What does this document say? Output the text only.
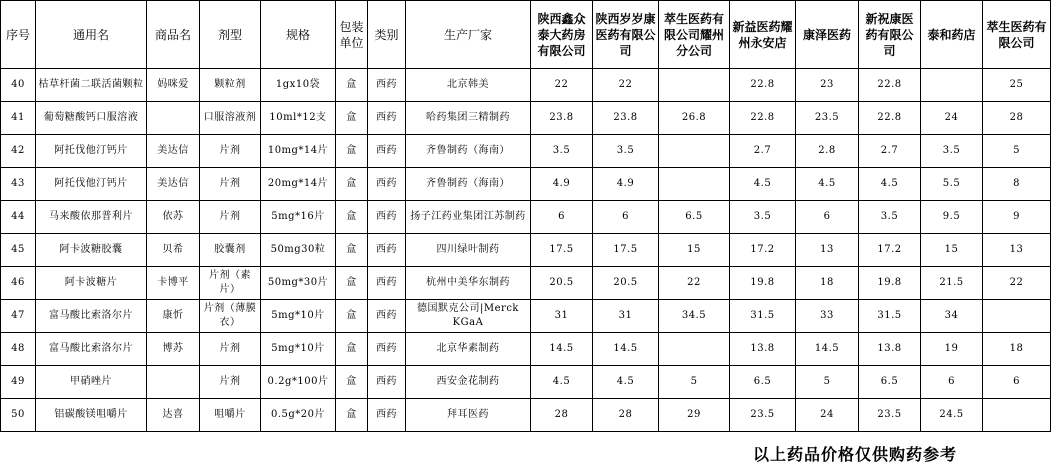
序号	通用名	商品名	剂型	规格	包装单位	类别	生产厂家	陕西鑫众泰大药房有限公司	陕西岁岁康医药有限公司	萃生医药有限公司耀州分公司	新益医药耀州永安店	康泽医药	新祝康医药有限公司	泰和药店	萃生医药有限公司
40	枯草杆菌二联活菌颗粒	妈咪爱	颗粒剂	1gx10袋	盒	西药	北京韩美	22	22		22.8	23	22.8		25
41	葡萄糖酸钙口服溶液		口服溶液剂	10ml*12支	盒	西药	哈药集团三精制药	23.8	23.8	26.8	22.8	23.5	22.8	24	28
42	阿托伐他汀钙片	美达信	片剂	10mg*14片	盒	西药	齐鲁制药（海南）	3.5	3.5		2.7	2.8	2.7	3.5	5
43	阿托伐他汀钙片	美达信	片剂	20mg*14片	盒	西药	齐鲁制药（海南）	4.9	4.9		4.5	4.5	4.5	5.5	8
44	马来酸依那普利片	依苏	片剂	5mg*16片	盒	西药	扬子江药业集团江苏制药	6	6	6.5	3.5	6	3.5	9.5	9
45	阿卡波糖胶囊	贝希	胶囊剂	50mg30粒	盒	西药	四川绿叶制药	17.5	17.5	15	17.2	13	17.2	15	13
46	阿卡波糖片	卡博平	片剂（素片）	50mg*30片	盒	西药	杭州中美华东制药	20.5	20.5	22	19.8	18	19.8	21.5	22
47	富马酸比索洛尔片	康忻	片剂（薄膜衣）	5mg*10片	盒	西药	德国默克公司|Merck KGaA	31	31	34.5	31.5	33	31.5	34	
48	富马酸比索洛尔片	博苏	片剂	5mg*10片	盒	西药	北京华素制药	14.5	14.5		13.8	14.5	13.8	19	18
49	甲硝唑片		片剂	0.2g*100片	盒	西药	西安金花制药	4.5	4.5	5	6.5	5	6.5	6	6
50	铝碳酸镁咀嚼片	达喜	咀嚼片	0.5g*20片	盒	西药	拜耳医药	28	28	29	23.5	24	23.5	24.5	
以上药品价格仅供购药参考
